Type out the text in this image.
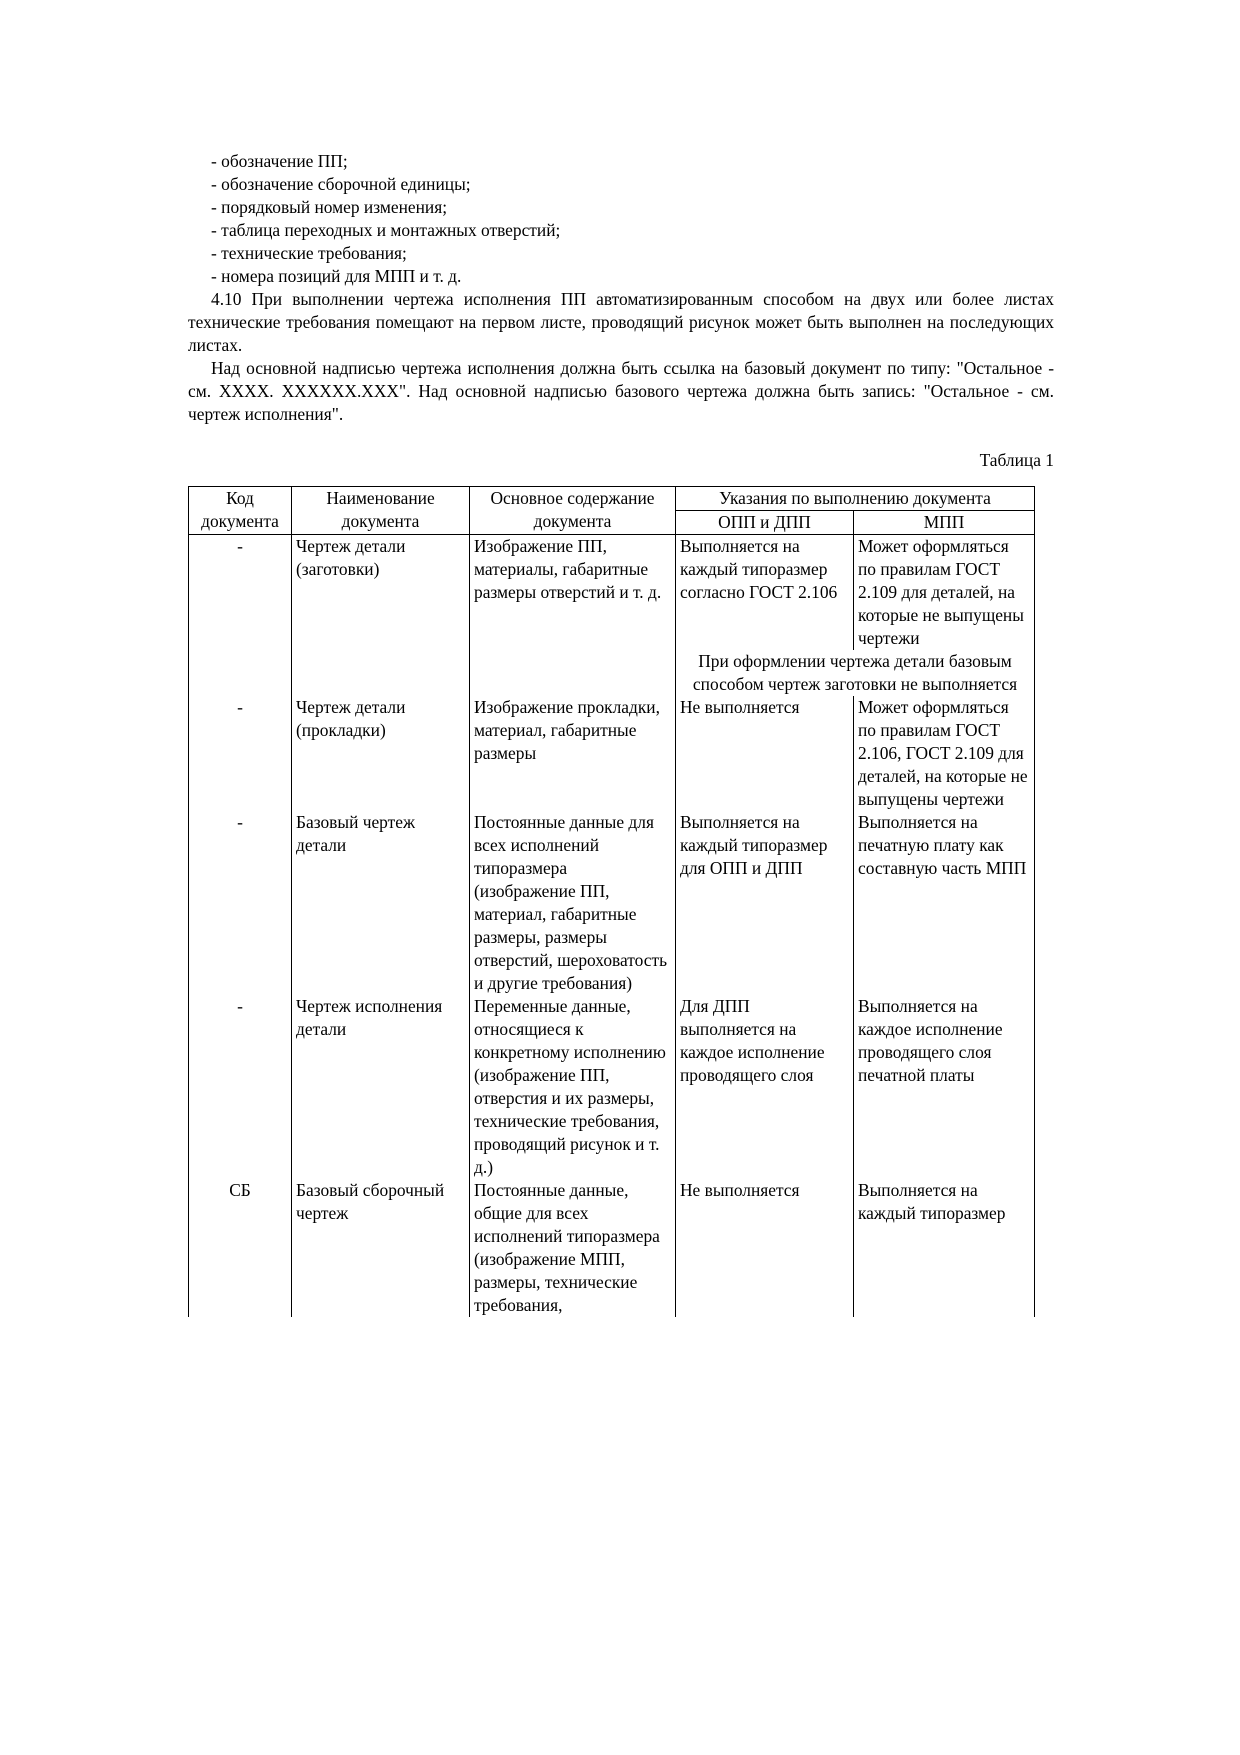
- обозначение ПП;
- обозначение сборочной единицы;
- порядковый номер изменения;
- таблица переходных и монтажных отверстий;
- технические требования;
- номера позиций для МПП и т. д.
4.10 При выполнении чертежа исполнения ПП автоматизированным способом на двух или более листах технические требования помещают на первом листе, проводящий рисунок может быть выполнен на последующих листах.
Над основной надписью чертежа исполнения должна быть ссылка на базовый документ по типу: "Остальное - см. ХХХХ. ХХХХХХ.ХХХ". Над основной надписью базового чертежа должна быть запись: "Остальное - см. чертеж исполнения".
Таблица 1
Код документа	Наименование документа	Основное содержание документа	Указания по выполнению документа	
			ОПП и ДПП	МПП
-	Чертеж детали (заготовки)	Изображение ПП, материалы, габаритные размеры отверстий и т. д.	Выполняется на каждый типоразмер согласно ГОСТ 2.106	Может оформляться по правилам ГОСТ 2.109 для деталей, на которые не выпущены чертежи
			При оформлении чертежа детали базовым способом чертеж заготовки не выполняется	
-	Чертеж детали (прокладки)	Изображение прокладки, материал, габаритные размеры	Не выполняется	Может оформляться по правилам ГОСТ 2.106, ГОСТ 2.109 для деталей, на которые не выпущены чертежи
-	Базовый чертеж детали	Постоянные данные для всех исполнений типоразмера (изображение ПП, материал, габаритные размеры, размеры отверстий, шероховатость и другие требования)	Выполняется на каждый типоразмер для ОПП и ДПП	Выполняется на печатную плату как составную часть МПП
-	Чертеж исполнения детали	Переменные данные, относящиеся к конкретному исполнению (изображение ПП, отверстия и их размеры, технические требования, проводящий рисунок и т. д.)	Для ДПП выполняется на каждое исполнение проводящего слоя	Выполняется на каждое исполнение проводящего слоя печатной платы
СБ	Базовый сборочный чертеж	Постоянные данные, общие для всех исполнений типоразмера (изображение МПП, размеры, технические требования,	Не выполняется	Выполняется на каждый типоразмер
